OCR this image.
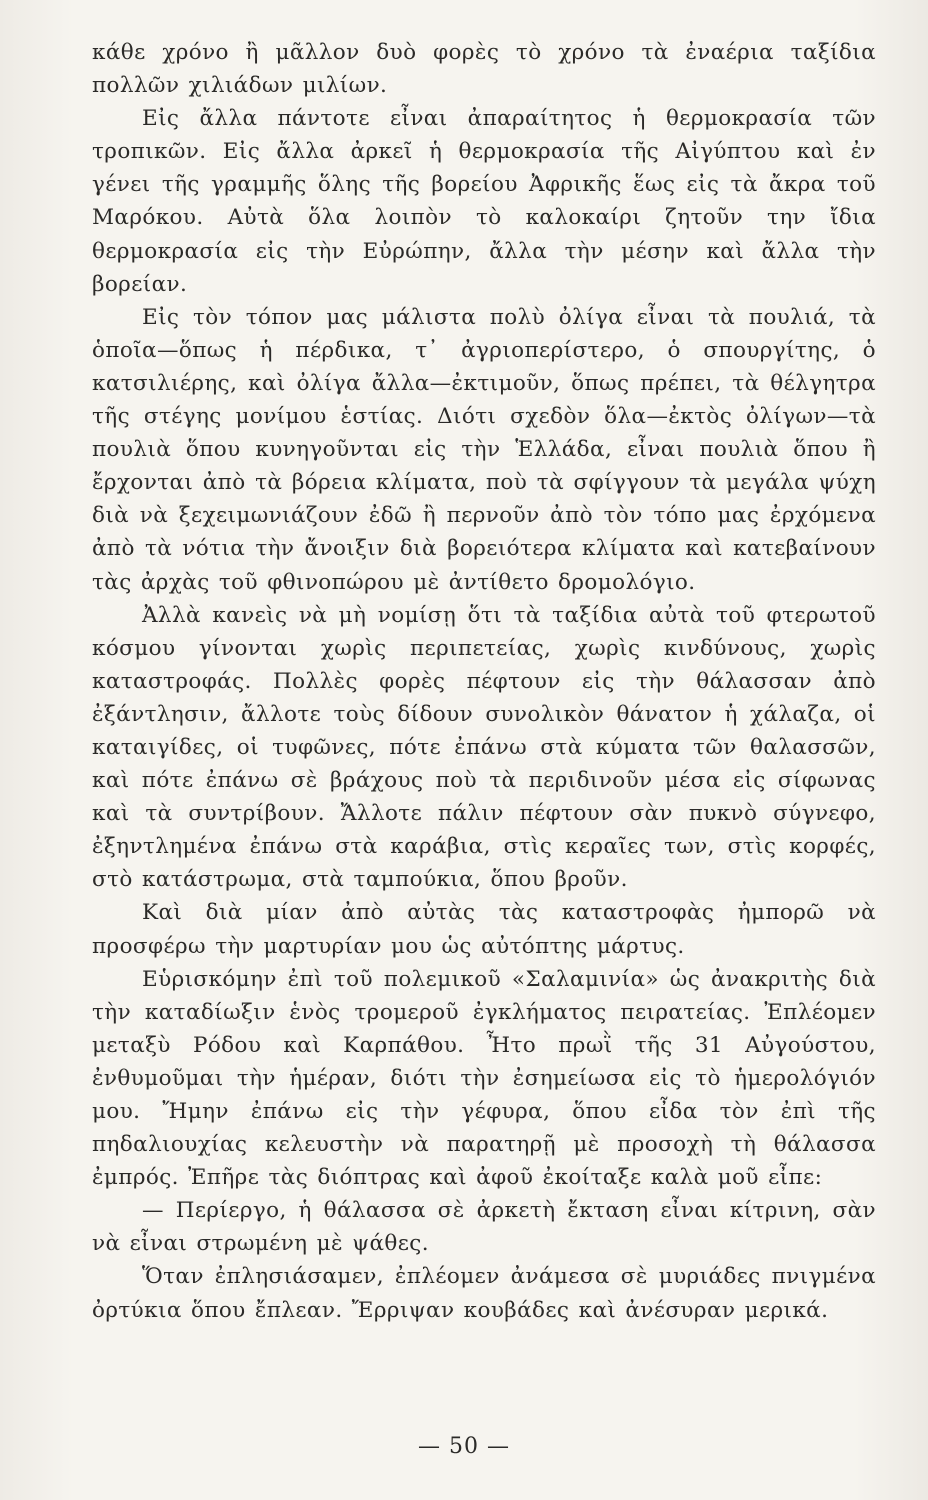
κάθε χρόνο ἢ μᾶλλον δυὸ φορὲς τὸ χρόνο τὰ ἐναέρια ταξίδια πολλῶν χιλιάδων μιλίων.

Εἰς ἄλλα πάντοτε εἶναι ἀπαραίτητος ἡ θερμοκρασία τῶν τροπικῶν. Εἰς ἄλλα ἀρκεῖ ἡ θερμοκρασία τῆς Αἰγύπτου καὶ ἐν γένει τῆς γραμμῆς ὅλης τῆς βορείου Ἀφρικῆς ἕως εἰς τὰ ἄκρα τοῦ Μαρόκου. Αὐτὰ ὅλα λοιπὸν τὸ καλοκαίρι ζητοῦν την ἴδια θερμοκρασία εἰς τὴν Εὐρώπην, ἄλλα τὴν μέσην καὶ ἄλλα τὴν βορείαν.

Εἰς τὸν τόπον μας μάλιστα πολὺ ὀλίγα εἶναι τὰ πουλιά, τὰ ὁποῖα—ὅπως ἡ πέρδικα, τ᾽ ἀγριοπερίστερο, ὁ σπουργίτης, ὁ κατσιλιέρης, καὶ ὀλίγα ἄλλα—ἐκτιμοῦν, ὅπως πρέπει, τὰ θέλγητρα τῆς στέγης μονίμου ἑστίας. Διότι σχεδὸν ὅλα—ἐκτὸς ὀλίγων—τὰ πουλιὰ ὅπου κυνηγοῦνται εἰς τὴν Ἑλλάδα, εἶναι πουλιὰ ὅπου ἢ ἔρχονται ἀπὸ τὰ βόρεια κλίματα, ποὺ τὰ σφίγγουν τὰ μεγάλα ψύχη διὰ νὰ ξεχειμωνιάζουν ἐδῶ ἢ περνοῦν ἀπὸ τὸν τόπο μας ἐρχόμενα ἀπὸ τὰ νότια τὴν ἄνοιξιν διὰ βορειότερα κλίματα καὶ κατεβαίνουν τὰς ἀρχὰς τοῦ φθινοπώρου μὲ ἀντίθετο δρομολόγιο.

Ἀλλὰ κανεὶς νὰ μὴ νομίσῃ ὅτι τὰ ταξίδια αὐτὰ τοῦ φτερωτοῦ κόσμου γίνονται χωρὶς περιπετείας, χωρὶς κινδύνους, χωρὶς καταστροφάς. Πολλὲς φορὲς πέφτουν εἰς τὴν θάλασσαν ἀπὸ ἐξάντλησιν, ἄλλοτε τοὺς δίδουν συνολικὸν θάνατον ἡ χάλαζα, οἱ καταιγίδες, οἱ τυφῶνες, πότε ἐπάνω στὰ κύματα τῶν θαλασσῶν, καὶ πότε ἐπάνω σὲ βράχους ποὺ τὰ περιδινοῦν μέσα εἰς σίφωνας καὶ τὰ συντρίβουν. Ἄλλοτε πάλιν πέφτουν σὰν πυκνὸ σύγνεφο, ἐξηντλημένα ἐπάνω στὰ καράβια, στὶς κεραῖες των, στὶς κορφές, στὸ κατάστρωμα, στὰ ταμπούκια, ὅπου βροῦν.

Καὶ διὰ μίαν ἀπὸ αὐτὰς τὰς καταστροφὰς ἠμπορῶ νὰ προσφέρω τὴν μαρτυρίαν μου ὡς αὐτόπτης μάρτυς.

Εὑρισκόμην ἐπὶ τοῦ πολεμικοῦ «Σαλαμινία» ὡς ἀνακριτὴς διὰ τὴν καταδίωξιν ἑνὸς τρομεροῦ ἐγκλήματος πειρατείας. Ἐπλέομεν μεταξὺ Ρόδου καὶ Καρπάθου. Ἦτο πρωῒ τῆς 31 Αὐγούστου, ἐνθυμοῦμαι τὴν ἡμέραν, διότι τὴν ἐσημείωσα εἰς τὸ ἡμερολόγιόν μου. Ἤμην ἐπάνω εἰς τὴν γέφυρα, ὅπου εἶδα τὸν ἐπὶ τῆς πηδαλιουχίας κελευστὴν νὰ παρατηρῇ μὲ προσοχὴ τὴ θάλασσα ἐμπρός. Ἐπῆρε τὰς διόπτρας καὶ ἀφοῦ ἐκοίταξε καλὰ μοῦ εἶπε:

— Περίεργο, ἡ θάλασσα σὲ ἀρκετὴ ἔκταση εἶναι κίτρινη, σὰν νὰ εἶναι στρωμένη μὲ ψάθες.

Ὅταν ἐπλησιάσαμεν, ἐπλέομεν ἀνάμεσα σὲ μυριάδες πνιγμένα ὀρτύκια ὅπου ἔπλεαν. Ἔρριψαν κουβάδες καὶ ἀνέσυραν μερικά.

— 50 —
